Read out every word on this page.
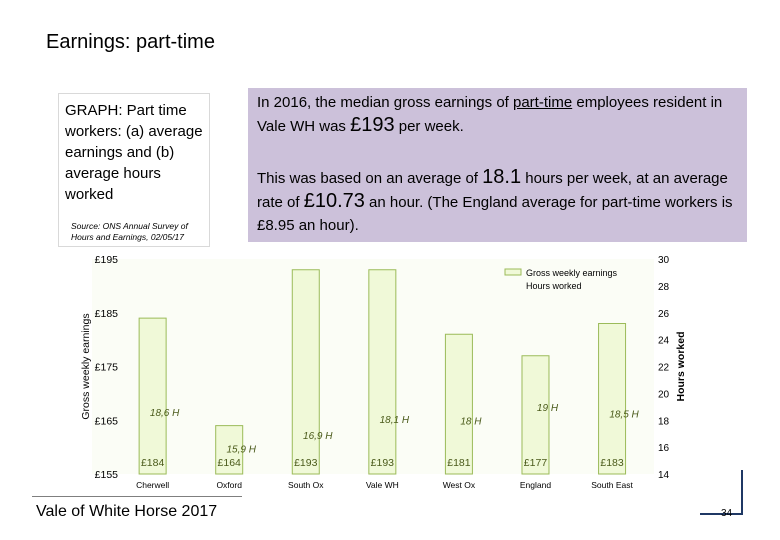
Earnings: part-time
GRAPH: Part time workers: (a) average earnings and (b) average hours worked
Source: ONS Annual Survey of Hours and Earnings, 02/05/17
In 2016, the median gross earnings of part-time employees resident in Vale WH was £193 per week.
This was based on an average of 18.1 hours per week, at an average rate of £10.73 an hour. (The England average for part-time workers is £8.95 an hour).
£184
Cherwell
£164
Oxford
£193
South Ox
£193
Vale WH
£181
West Ox
£177
England
£183
South East
18,6 H
15,9 H
16,9 H
18,1 H	18 H
19 H
18,5 H
£155
£165
£175
£185
£195
14
16
18
20
22
24
26
28
30
Gross weekly earnings	Hours worked
Gross weekly earnings
Hours worked
Vale of White Horse 2017	34
